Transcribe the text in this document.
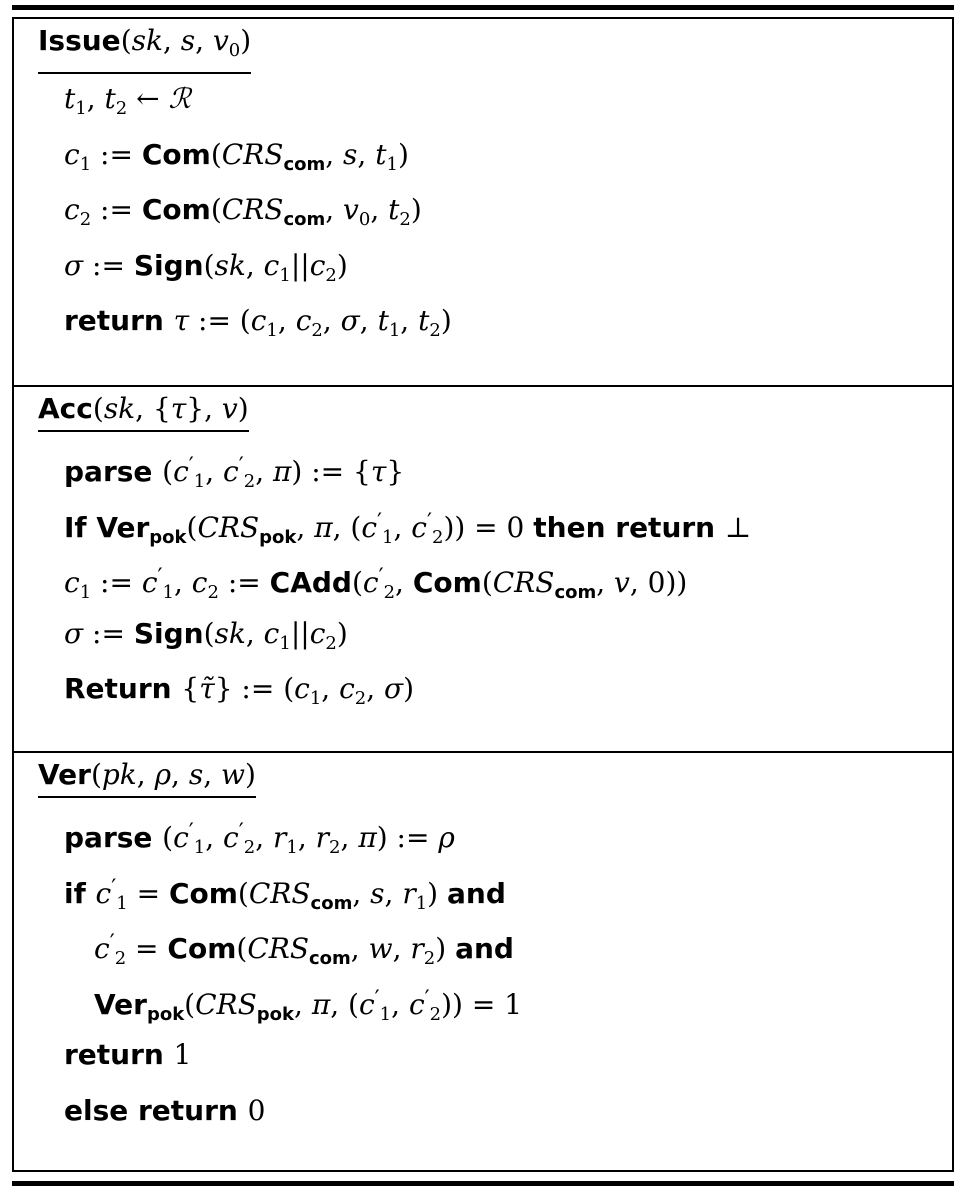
Issue(sk, s, $v_0$)
$t_1$, $t_2$ ← ℛ
$c_1$ := $Com(CRS_{com}$, s, $t_1$)
$c_2$ := $Com(CRS_{com}$, $v_0$, $t_2$)
σ := Sign(sk, $c_1||c_2$)
return τ := ($c_1$, $c_2$, σ, $t_1$, $t_2$)
Acc(sk, {τ}, v)
parse ($c'_1$, $c'_2$, π) := {τ}
If $Ver_{pok}(CRS_{pok}$, π, ($c'_1$, $c'_2)) = 0$ then return ⊥
$c_1$ := $c'_1$, $c_2$ := $CAdd(c'_2$, $Com(CRS_{com}$, v, 0))
σ := Sign(sk, $c_1||c_2$)
Return {τ̃} := ($c_1$, $c_2$, σ)
Ver(pk, ρ, s, w)
parse ($c'_1$, $c'_2$, $r_1$, $r_2$, π) := ρ
if $c'_1 = Com(CRS_{com}$, s, $r_1$) and
$c'_2 = Com(CRS_{com}$, w, $r_2$) and
$Ver_{pok}(CRS_{pok}$, π, ($c'_1$, $c'_2)) = 1$
return 1
else return 0
